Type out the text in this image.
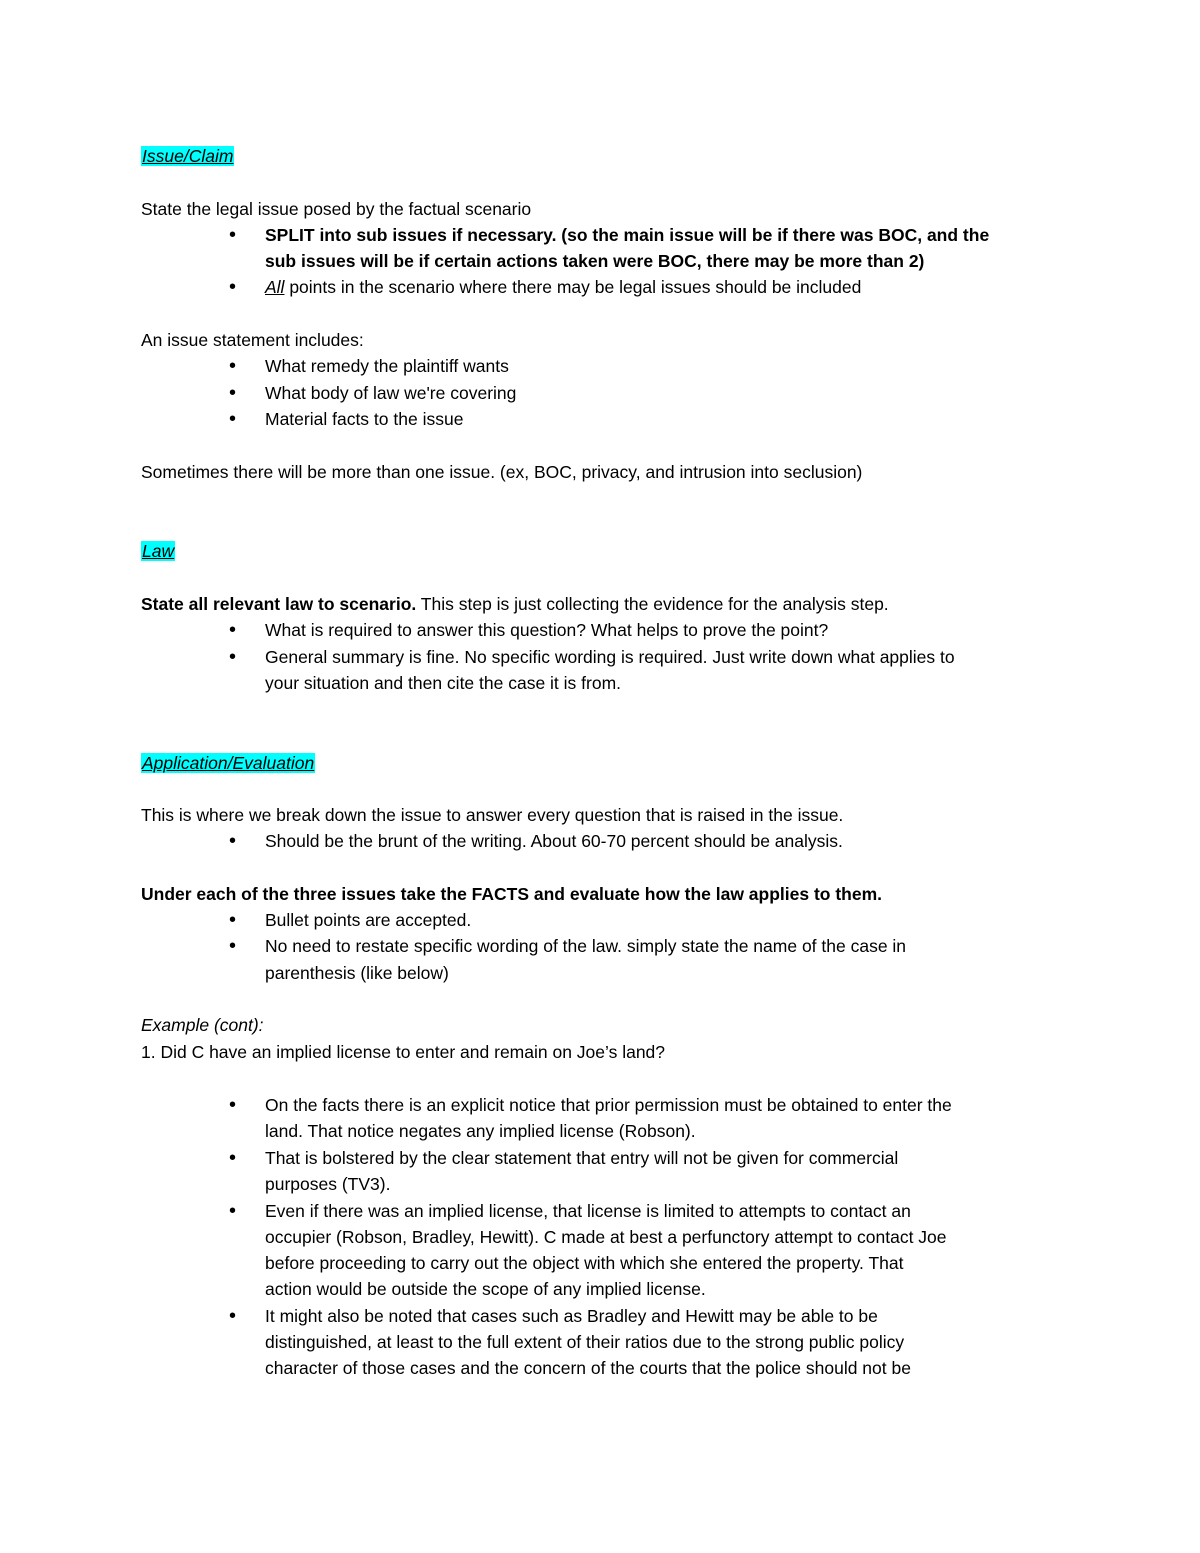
Issue/Claim
State the legal issue posed by the factual scenario
• SPLIT into sub issues if necessary. (so the main issue will be if there was BOC, and the
sub issues will be if certain actions taken were BOC, there may be more than 2)
• All points in the scenario where there may be legal issues should be included
An issue statement includes:
• What remedy the plaintiff wants
• What body of law we're covering
• Material facts to the issue
Sometimes there will be more than one issue. (ex, BOC, privacy, and intrusion into seclusion)
Law
State all relevant law to scenario. This step is just collecting the evidence for the analysis step.
• What is required to answer this question? What helps to prove the point?
• General summary is fine. No specific wording is required. Just write down what applies to
your situation and then cite the case it is from.
Application/Evaluation
This is where we break down the issue to answer every question that is raised in the issue.
• Should be the brunt of the writing. About 60-70 percent should be analysis.
Under each of the three issues take the FACTS and evaluate how the law applies to them.
• Bullet points are accepted.
• No need to restate specific wording of the law. simply state the name of the case in
parenthesis (like below)
Example (cont):
1. Did C have an implied license to enter and remain on Joe’s land?
• On the facts there is an explicit notice that prior permission must be obtained to enter the
land. That notice negates any implied license (Robson).
• That is bolstered by the clear statement that entry will not be given for commercial
purposes (TV3).
• Even if there was an implied license, that license is limited to attempts to contact an
occupier (Robson, Bradley, Hewitt). C made at best a perfunctory attempt to contact Joe
before proceeding to carry out the object with which she entered the property. That
action would be outside the scope of any implied license.
• It might also be noted that cases such as Bradley and Hewitt may be able to be
distinguished, at least to the full extent of their ratios due to the strong public policy
character of those cases and the concern of the courts that the police should not be
